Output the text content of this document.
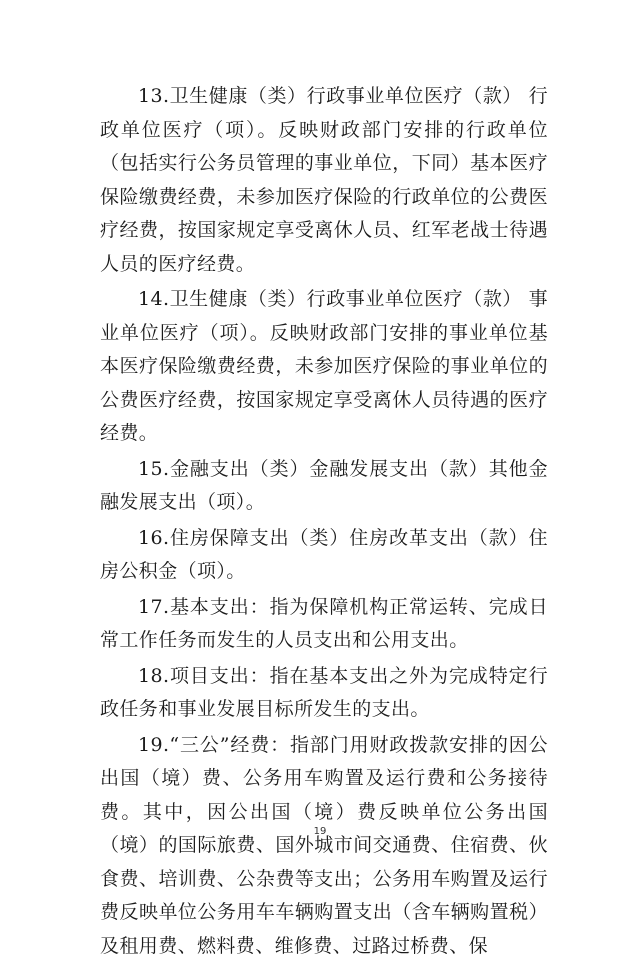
13.卫生健康（类）行政事业单位医疗（款） 行政单位医疗（项）。反映财政部门安排的行政单位（包括实行公务员管理的事业单位，下同）基本医疗保险缴费经费，未参加医疗保险的行政单位的公费医疗经费，按国家规定享受离休人员、红军老战士待遇人员的医疗经费。

14.卫生健康（类）行政事业单位医疗（款） 事业单位医疗（项）。反映财政部门安排的事业单位基本医疗保险缴费经费，未参加医疗保险的事业单位的公费医疗经费，按国家规定享受离休人员待遇的医疗经费。

15.金融支出（类）金融发展支出（款）其他金融发展支出（项）。

16.住房保障支出（类）住房改革支出（款）住房公积金（项）。

17.基本支出：指为保障机构正常运转、完成日常工作任务而发生的人员支出和公用支出。

18.项目支出：指在基本支出之外为完成特定行政任务和事业发展目标所发生的支出。

19.“三公”经费：指部门用财政拨款安排的因公出国（境）费、公务用车购置及运行费和公务接待费。其中，因公出国（境）费反映单位公务出国（境）的国际旅费、国外城市间交通费、住宿费、伙食费、培训费、公杂费等支出；公务用车购置及运行费反映单位公务用车车辆购置支出（含车辆购置税）及租用费、燃料费、维修费、过路过桥费、保

19
